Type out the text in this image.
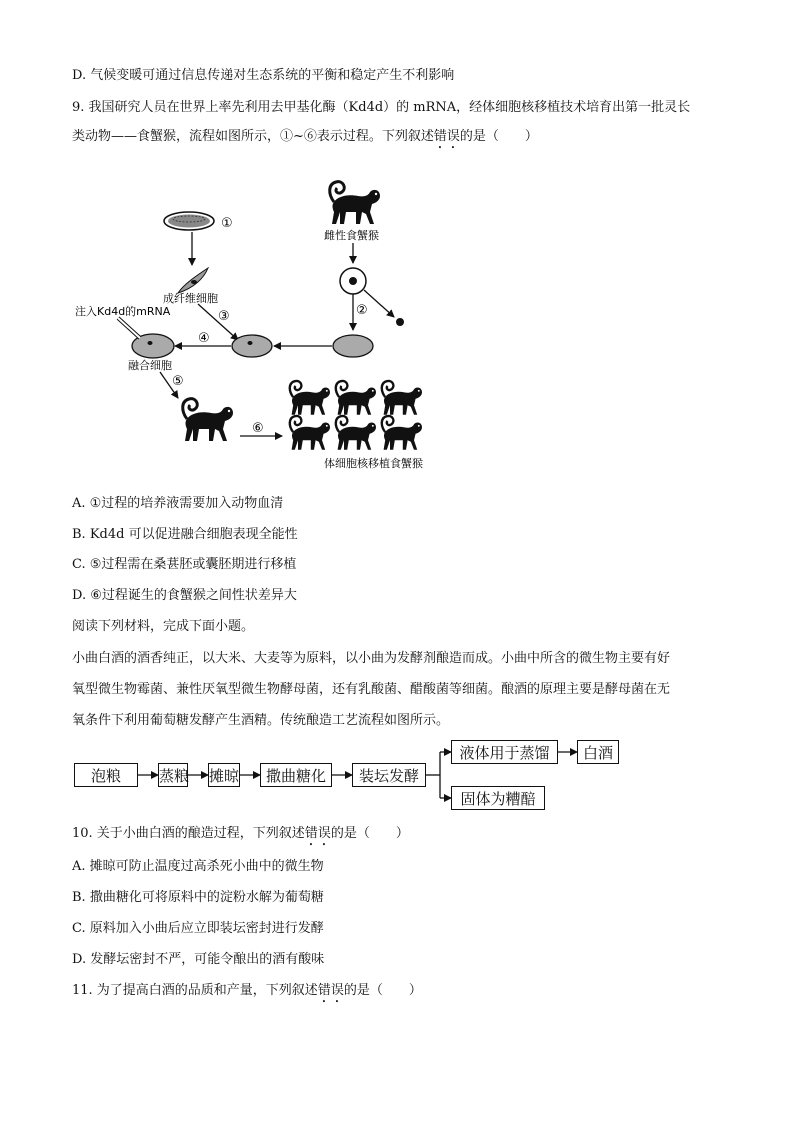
D. 气候变暖可通过信息传递对生态系统的平衡和稳定产生不利影响
9. 我国研究人员在世界上率先利用去甲基化酶（Kd4d）的 mRNA，经体细胞核移植技术培育出第一批灵长
类动物——食蟹猴，流程如图所示，①~⑥表示过程。下列叙述错误的是（　　）
①
成纤维细胞
③
雌性食蟹猴
②
④
注入Kd4d的mRNA
融合细胞
⑤
⑥
体细胞核移植食蟹猴
A. ①过程的培养液需要加入动物血清
B. Kd4d 可以促进融合细胞表现全能性
C. ⑤过程需在桑葚胚或囊胚期进行移植
D. ⑥过程诞生的食蟹猴之间性状差异大
阅读下列材料，完成下面小题。
小曲白酒的酒香纯正，以大米、大麦等为原料，以小曲为发酵剂酿造而成。小曲中所含的微生物主要有好
氧型微生物霉菌、兼性厌氧型微生物酵母菌，还有乳酸菌、醋酸菌等细菌。酿酒的原理主要是酵母菌在无
氧条件下利用葡萄糖发酵产生酒精。传统酿造工艺流程如图所示。
泡粮	蒸粮 摊晾	撒曲糖化	装坛发酵
液体用于蒸馏	白酒
固体为糟醅
10. 关于小曲白酒的酿造过程，下列叙述错误的是（　　）
A. 摊晾可防止温度过高杀死小曲中的微生物
B. 撒曲糖化可将原料中的淀粉水解为葡萄糖
C. 原料加入小曲后应立即装坛密封进行发酵
D. 发酵坛密封不严，可能令酿出的酒有酸味
11. 为了提高白酒的品质和产量，下列叙述错误的是（　　）
